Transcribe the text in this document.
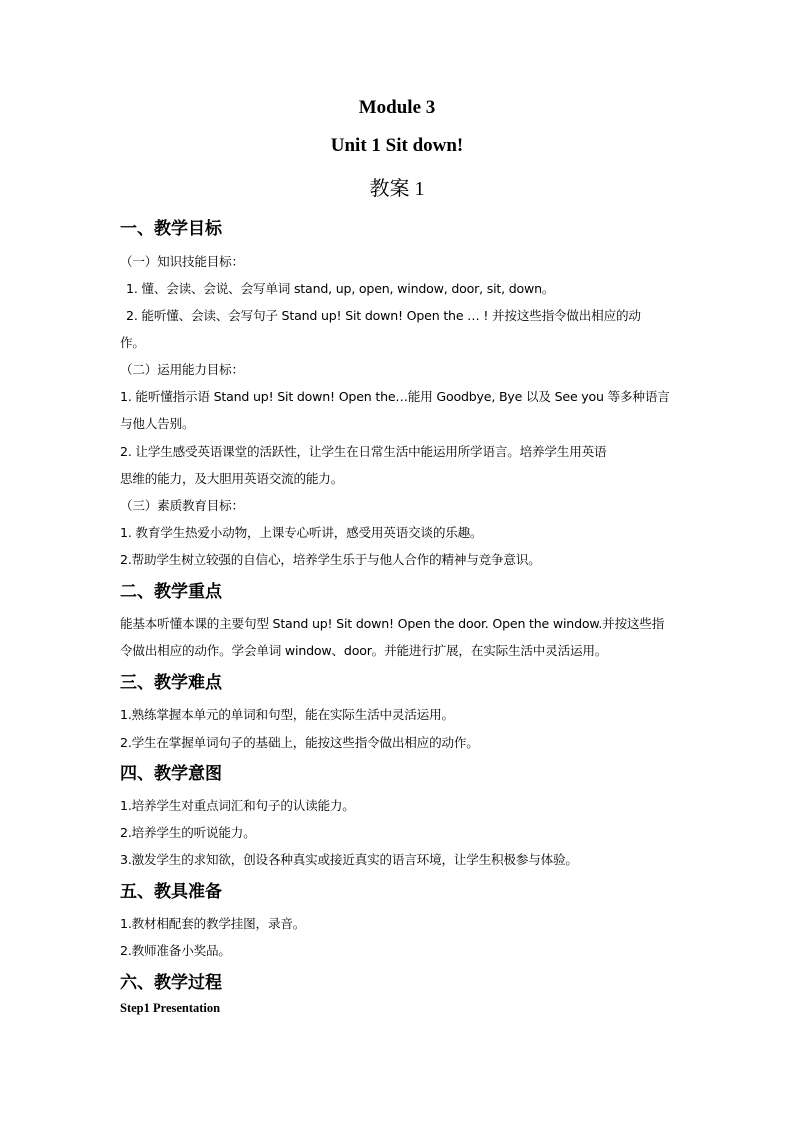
Module 3
Unit 1 Sit down!
教案 1
一、教学目标
（一）知识技能目标：
1. 懂、会读、会说、会写单词 stand, up, open, window, door, sit, down。
2. 能听懂、会读、会写句子 Stand up! Sit down! Open the … ! 并按这些指令做出相应的动
作。
（二）运用能力目标：
1. 能听懂指示语 Stand up! Sit down! Open the…能用 Goodbye, Bye 以及 See you 等多种语言
与他人告别。
2. 让学生感受英语课堂的活跃性，让学生在日常生活中能运用所学语言。培养学生用英语
思维的能力，及大胆用英语交流的能力。
（三）素质教育目标：
1. 教育学生热爱小动物，上课专心听讲，感受用英语交谈的乐趣。
2.帮助学生树立较强的自信心，培养学生乐于与他人合作的精神与竞争意识。
二、教学重点
能基本听懂本课的主要句型 Stand up! Sit down! Open the door. Open the window.并按这些指
令做出相应的动作。学会单词 window、door。并能进行扩展，在实际生活中灵活运用。
三、教学难点
1.熟练掌握本单元的单词和句型，能在实际生活中灵活运用。
2.学生在掌握单词句子的基础上，能按这些指令做出相应的动作。
四、教学意图
1.培养学生对重点词汇和句子的认读能力。
2.培养学生的听说能力。
3.激发学生的求知欲，创设各种真实或接近真实的语言环境，让学生积极参与体验。
五、教具准备
1.教材相配套的教学挂图，录音。
2.教师准备小奖品。
六、教学过程
Step1 Presentation
